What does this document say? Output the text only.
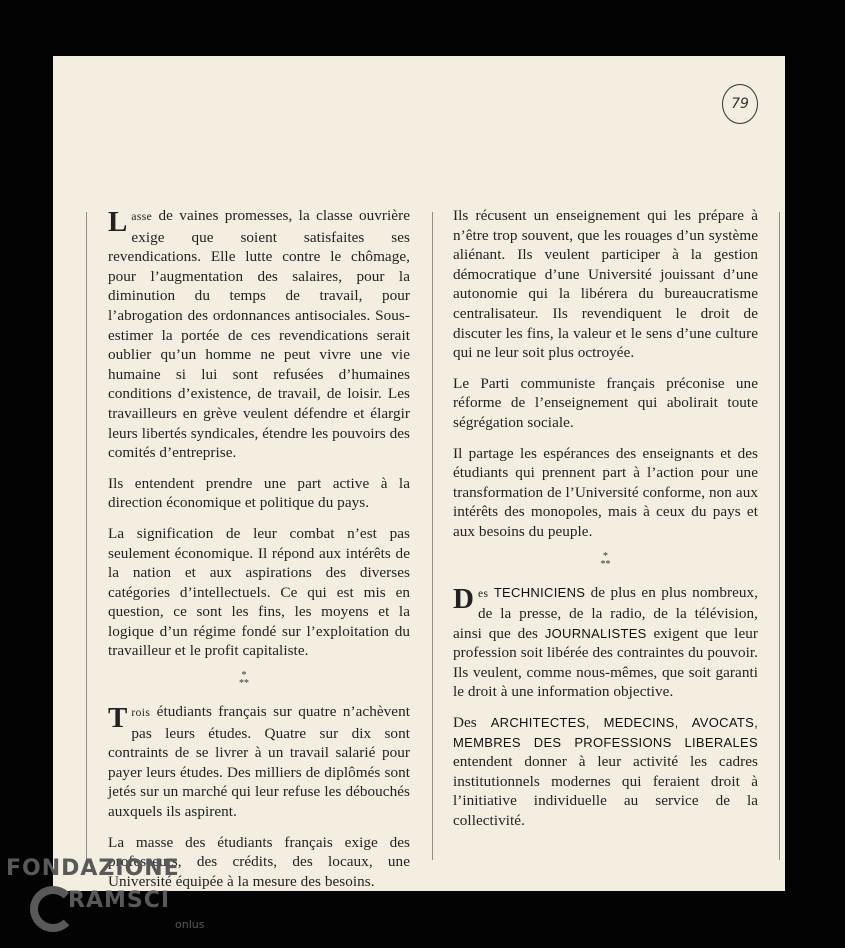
79

Lasse de vaines promesses, la classe ouvrière exige que soient satisfaites ses revendications. Elle lutte contre le chômage, pour l’augmentation des salaires, pour la diminution du temps de travail, pour l’abrogation des ordonnances antisociales. Sous-estimer la portée de ces revendications serait oublier qu’un homme ne peut vivre une vie humaine si lui sont refusées d’humaines conditions d’existence, de travail, de loisir. Les travailleurs en grève veulent défendre et élargir leurs libertés syndicales, étendre les pouvoirs des comités d’entreprise.

Ils entendent prendre une part active à la direction économique et politique du pays.

La signification de leur combat n’est pas seulement économique. Il répond aux intérêts de la nation et aux aspirations des diverses catégories d’intellectuels. Ce qui est mis en question, ce sont les fins, les moyens et la logique d’un régime fondé sur l’exploitation du travailleur et le profit capitaliste.

*
**

Trois étudiants français sur quatre n’achèvent pas leurs études. Quatre sur dix sont contraints de se livrer à un travail salarié pour payer leurs études. Des milliers de diplômés sont jetés sur un marché qui leur refuse les débouchés auxquels ils aspirent.

La masse des étudiants français exige des professeurs, des crédits, des locaux, une Université équipée à la mesure des besoins.

Ils récusent un enseignement qui les prépare à n’être trop souvent, que les rouages d’un système aliénant. Ils veulent participer à la gestion démocratique d’une Université jouissant d’une autonomie qui la libérera du bureaucratisme centralisateur. Ils revendiquent le droit de discuter les fins, la valeur et le sens d’une culture qui ne leur soit plus octroyée.

Le Parti communiste français préconise une réforme de l’enseignement qui abolirait toute ségrégation sociale.

Il partage les espérances des enseignants et des étudiants qui prennent part à l’action pour une transformation de l’Université conforme, non aux intérêts des monopoles, mais à ceux du pays et aux besoins du peuple.

*
**

Des TECHNICIENS de plus en plus nombreux, de la presse, de la radio, de la télévision, ainsi que des JOURNALISTES exigent que leur profession soit libérée des contraintes du pouvoir. Ils veulent, comme nous-mêmes, que soit garanti le droit à une information objective.

Des ARCHITECTES, MEDECINS, AVOCATS, MEMBRES DES PROFESSIONS LIBERALES entendent donner à leur activité les cadres institutionnels modernes qui feraient droit à l’initiative individuelle au service de la collectivité.

FONDAZIONE
RAMSCI
onlus
